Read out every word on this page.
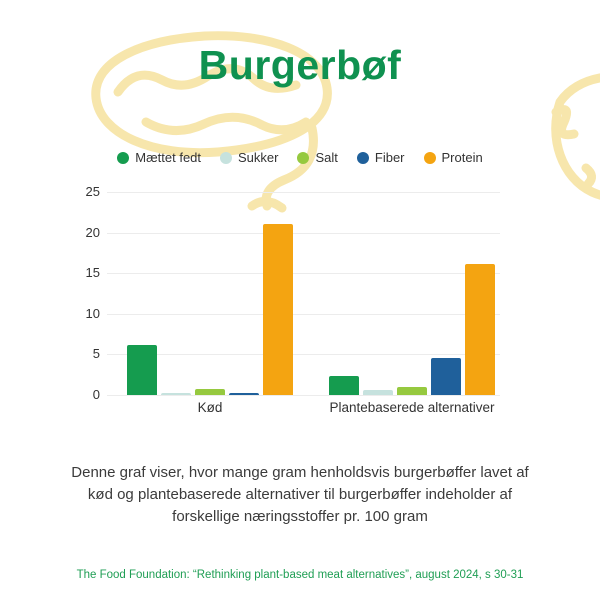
Burgerbøf
Mættet fedt	Sukker	Salt	Fiber	Protein
0
5
10
15
20
25
Kød	Plantebaserede alternativer

Denne graf viser, hvor mange gram henholdsvis burgerbøffer lavet af kød og plantebaserede alternativer til burgerbøffer indeholder af forskellige næringsstoffer pr. 100 gram

The Food Foundation: “Rethinking plant-based meat alternatives”, august 2024, s 30-31
